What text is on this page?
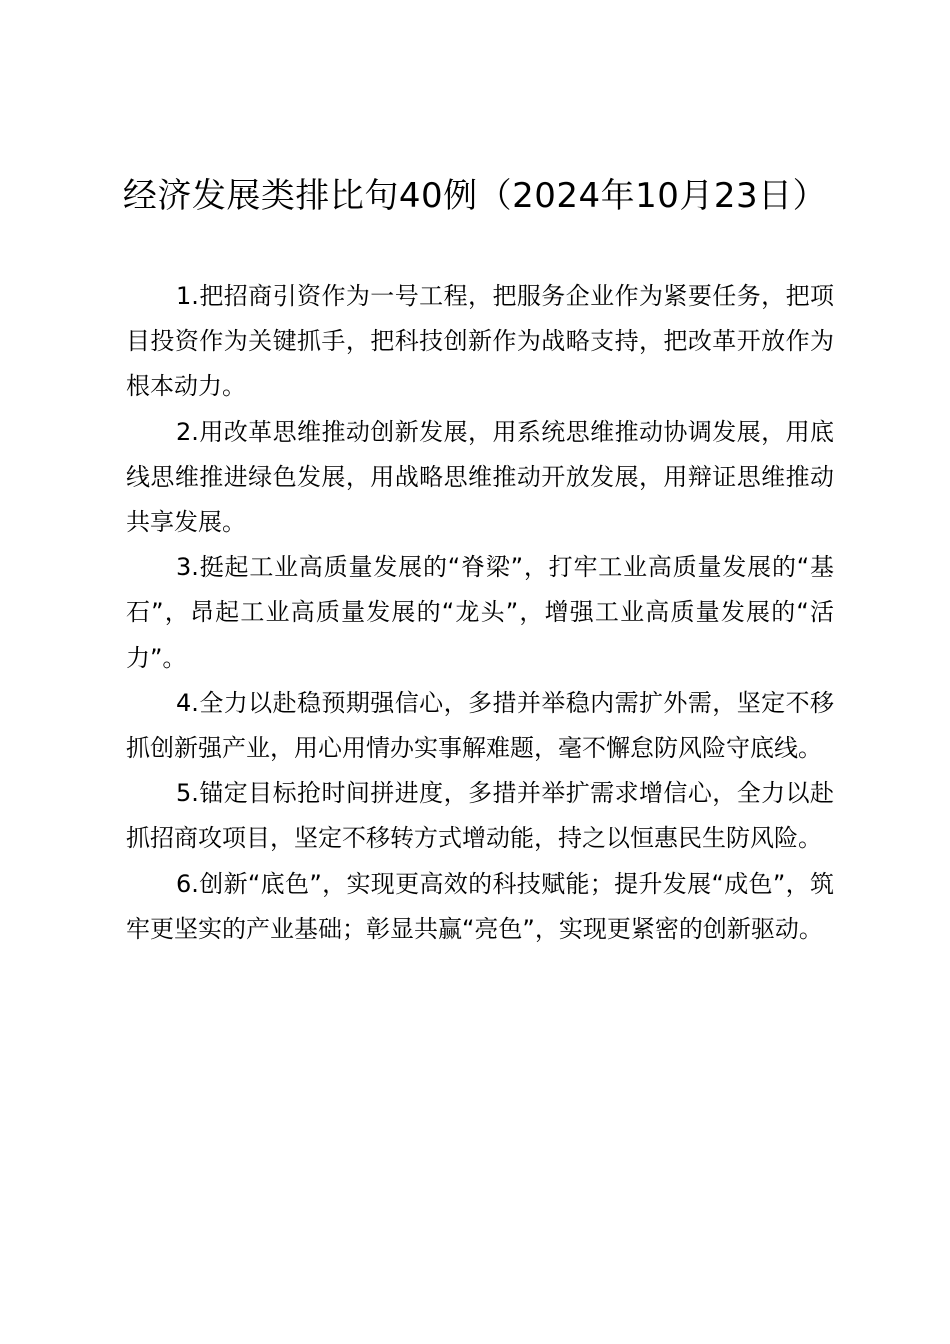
经济发展类排比句40例（2024年10月23日）

1.把招商引资作为一号工程，把服务企业作为紧要任务，把项目投资作为关键抓手，把科技创新作为战略支持，把改革开放作为根本动力。

2.用改革思维推动创新发展，用系统思维推动协调发展，用底线思维推进绿色发展，用战略思维推动开放发展，用辩证思维推动共享发展。

3.挺起工业高质量发展的“脊梁”，打牢工业高质量发展的“基石”，昂起工业高质量发展的“龙头”，增强工业高质量发展的“活力”。

4.全力以赴稳预期强信心，多措并举稳内需扩外需，坚定不移抓创新强产业，用心用情办实事解难题，毫不懈怠防风险守底线。

5.锚定目标抢时间拼进度，多措并举扩需求增信心，全力以赴抓招商攻项目，坚定不移转方式增动能，持之以恒惠民生防风险。

6.创新“底色”，实现更高效的科技赋能；提升发展“成色”，筑牢更坚实的产业基础；彰显共赢“亮色”，实现更紧密的创新驱动。
